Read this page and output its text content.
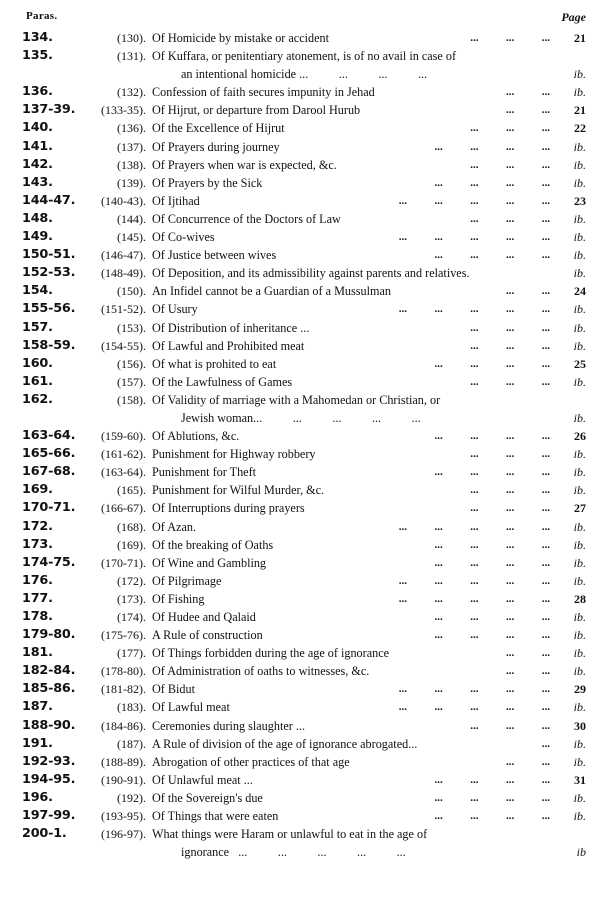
Paras.	Page
134.	(130). Of Homicide by mistake or accident	...          ...          ...	21
135.	(131). Of Kuffara, or penitentiary atonement, is of no avail in case of
an intentional homicide ...          ...          ...          ...	ib.
136.	(132). Confession of faith secures impunity in Jehad	...          ...	ib.
137-39.	(133-35). Of Hijrut, or departure from Darool Hurub	...          ...	21
140.	(136). Of the Excellence of Hijrut	...          ...          ...	22
141.	(137). Of Prayers during journey	...          ...          ...          ...	ib.
142.	(138). Of Prayers when war is expected, &c.	...          ...          ...	ib.
143.	(139). Of Prayers by the Sick	...          ...          ...          ...	ib.
144-47.	(140-43). Of Ijtihad	...          ...          ...          ...          ...	23
148.	(144). Of Concurrence of the Doctors of Law	...          ...          ...	ib.
149.	(145). Of Co-wives	...          ...          ...          ...          ...	ib.
150-51.	(146-47). Of Justice between wives	...          ...          ...          ...	ib.
152-53.	(148-49). Of Deposition, and its admissibility against parents and relatives.	ib.
154.	(150). An Infidel cannot be a Guardian of a Mussulman	...          ...	24
155-56.	(151-52). Of Usury	...          ...          ...          ...          ...	ib.
157.	(153). Of Distribution of inheritance ...	...          ...          ...	ib.
158-59.	(154-55). Of Lawful and Prohibited meat	...          ...          ...	ib.
160.	(156). Of what is prohited to eat	...          ...          ...          ...	25
161.	(157). Of the Lawfulness of Games	...          ...          ...	ib.
162.	(158). Of Validity of marriage with a Mahomedan or Christian, or
Jewish woman...          ...          ...          ...          ...	ib.
163-64.	(159-60). Of Ablutions, &c.	...          ...          ...          ...	26
165-66.	(161-62). Punishment for Highway robbery	...          ...          ...	ib.
167-68.	(163-64). Punishment for Theft	...          ...          ...          ...	ib.
169.	(165). Punishment for Wilful Murder, &c.	...          ...          ...	ib.
170-71.	(166-67). Of Interruptions during prayers	...          ...          ...	27
172.	(168). Of Azan.	...          ...          ...          ...          ...	ib.
173.	(169). Of the breaking of Oaths	...          ...          ...          ...	ib.
174-75.	(170-71). Of Wine and Gambling	...          ...          ...          ...	ib.
176.	(172). Of Pilgrimage	...          ...          ...          ...          ...	ib.
177.	(173). Of Fishing	...          ...          ...          ...          ...	28
178.	(174). Of Hudee and Qalaid	...          ...          ...          ...	ib.
179-80.	(175-76). A Rule of construction	...          ...          ...          ...	ib.
181.	(177). Of Things forbidden during the age of ignorance	...          ...	ib.
182-84.	(178-80). Of Administration of oaths to witnesses, &c.	...          ...	ib.
185-86.	(181-82). Of Bidut	...          ...          ...          ...          ...	29
187.	(183). Of Lawful meat	...          ...          ...          ...          ...	ib.
188-90.	(184-86). Ceremonies during slaughter ...	...          ...          ...	30
191.	(187). A Rule of division of the age of ignorance abrogated...	...	ib.
192-93.	(188-89). Abrogation of other practices of that age	...          ...	ib.
194-95.	(190-91). Of Unlawful meat ...	...          ...          ...          ...	31
196.	(192). Of the Sovereign's due	...          ...          ...          ...	ib.
197-99.	(193-95). Of Things that were eaten	...          ...          ...          ...	ib.
200-1.	(196-97). What things were Haram or unlawful to eat in the age of
ignorance   ...          ...          ...          ...          ...	ib
